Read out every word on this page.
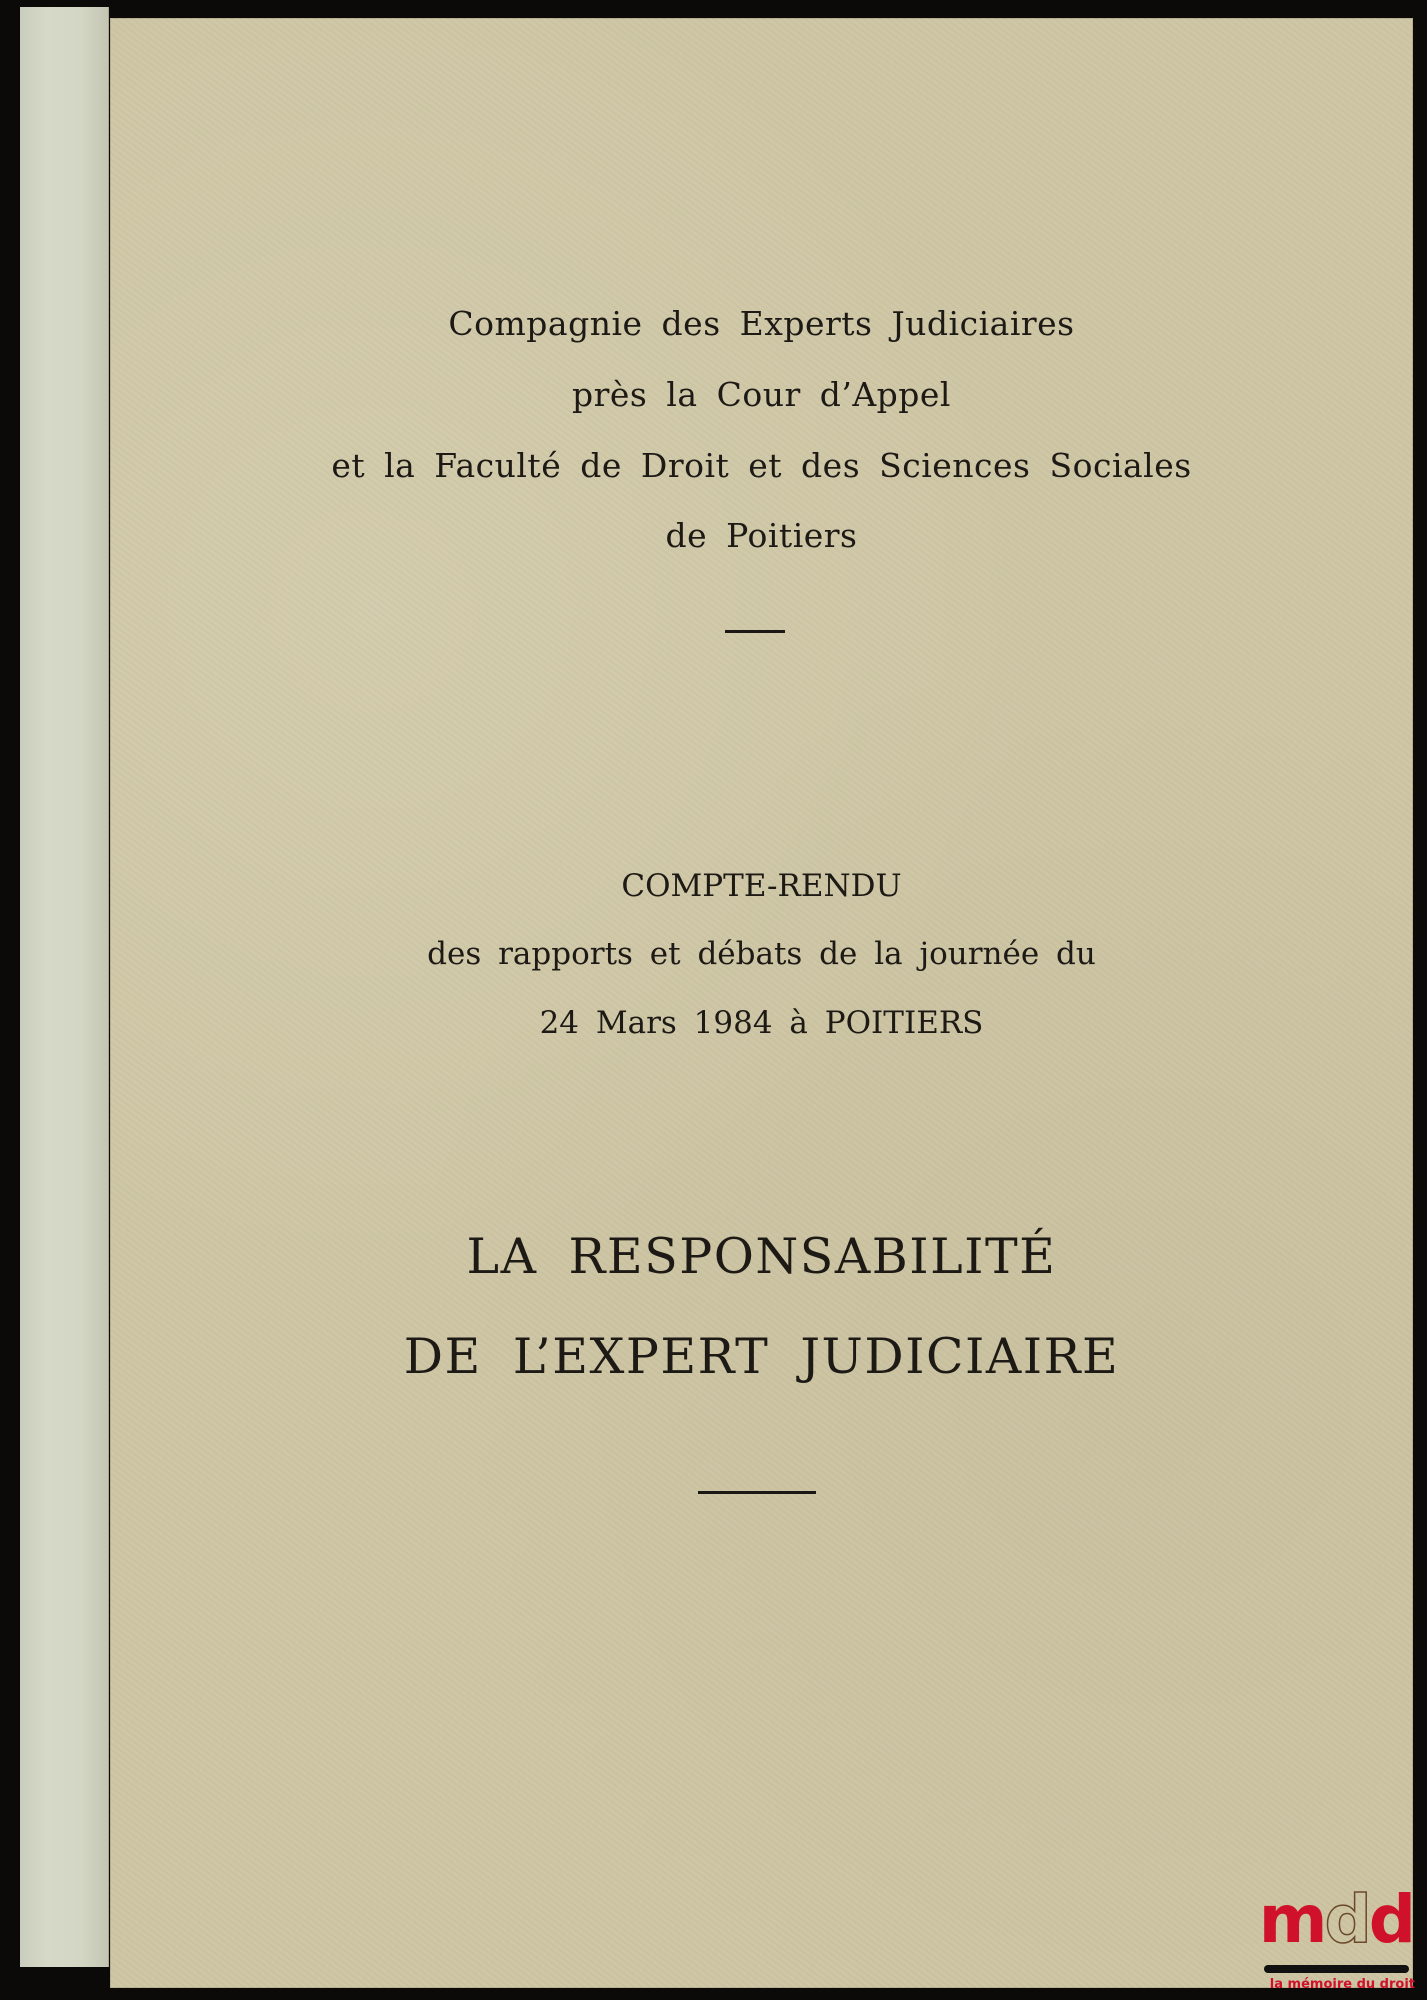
Compagnie des Experts Judiciaires
près la Cour d’Appel
et la Faculté de Droit et des Sciences Sociales
de Poitiers
COMPTE-RENDU
des rapports et débats de la journée du
24 Mars 1984 à POITIERS
LA RESPONSABILITÉ
DE L’EXPERT JUDICIAIRE
mdd
la mémoire du droit
